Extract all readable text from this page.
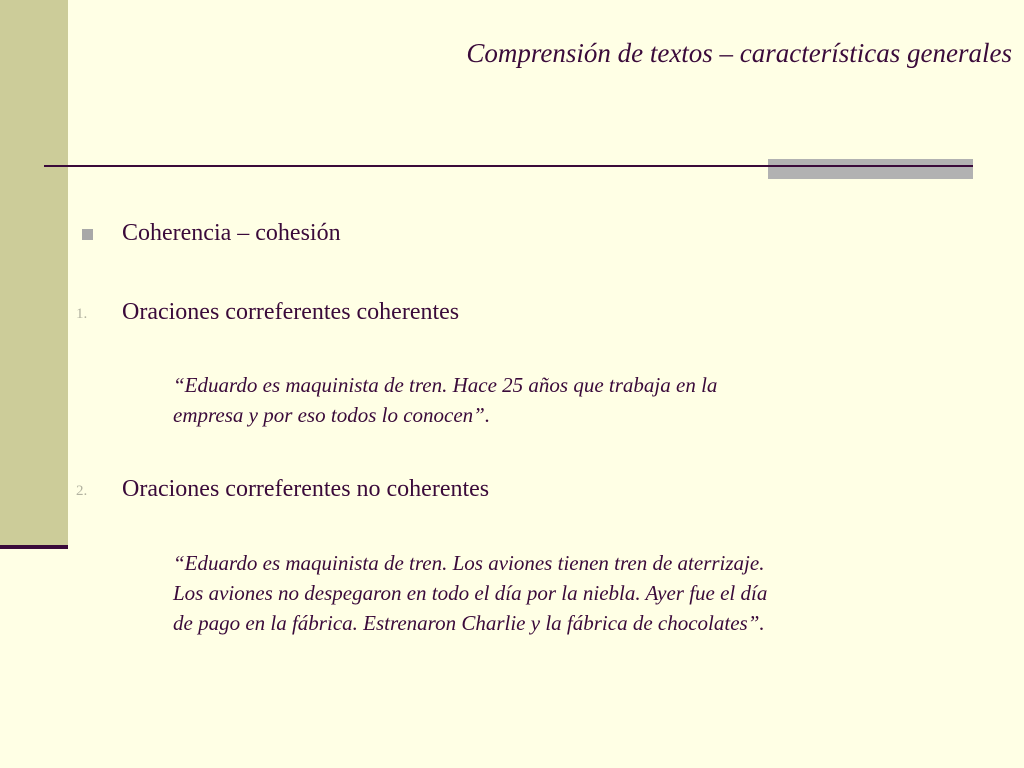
Comprensión de textos – características generales
Coherencia – cohesión
1. Oraciones correferentes coherentes
“Eduardo es maquinista de tren. Hace 25 años que trabaja en la
empresa y por eso todos lo conocen”.
2. Oraciones correferentes no coherentes
“Eduardo es maquinista de tren. Los aviones tienen tren de aterrizaje.
Los aviones no despegaron en todo el día por la niebla. Ayer fue el día
de pago en la fábrica. Estrenaron Charlie y la fábrica de chocolates”.
